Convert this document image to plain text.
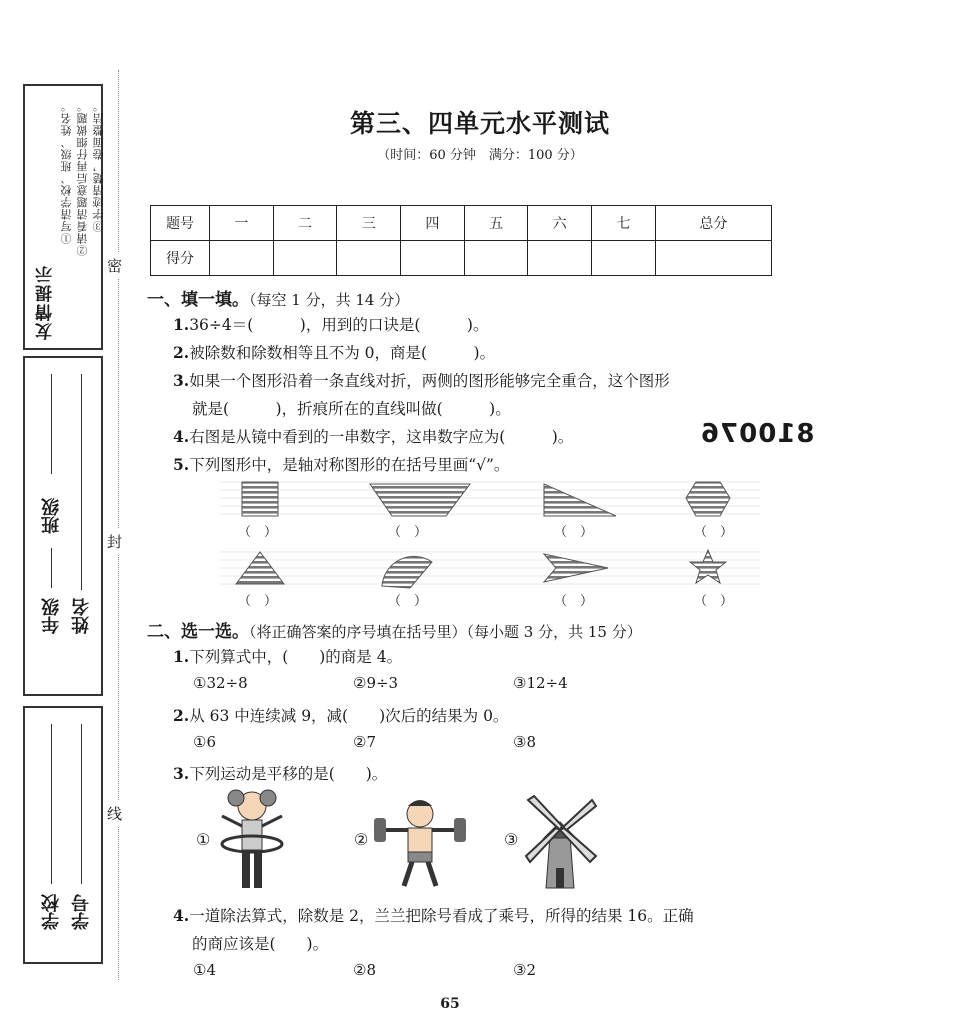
友情提示
①写清学校、班级、姓名。 ②请看清题意后再仔细做题。 ③字迹清楚，卷面整洁。
班级
年级 姓名
学校 学号
密
封
线
第三、四单元水平测试
（时间：60 分钟　满分：100 分）
题号	一	二	三	四	五	六	七	总分
得分								
一、填一填。（每空 1 分，共 14 分）
1.36÷4＝(　　　)，用到的口诀是(　　　)。
2.被除数和除数相等且不为 0，商是(　　　)。
3.如果一个图形沿着一条直线对折，两侧的图形能够完全重合，这个图形
就是(　　　)，折痕所在的直线叫做(　　　)。
4.右图是从镜中看到的一串数字，这串数字应为(　　　)。	810076
5.下列图形中，是轴对称图形的在括号里画“√”。
（　）	（　）	（　）	（　）
（　）	（　）	（　）	（　）
二、选一选。（将正确答案的序号填在括号里）（每小题 3 分，共 15 分）
1.下列算式中，(　　)的商是 4。
①32÷8	②9÷3	③12÷4
2.从 63 中连续减 9，减(　　)次后的结果为 0。
①6	②7	③8
3.下列运动是平移的是(　　)。
①	②	③
4.一道除法算式，除数是 2，兰兰把除号看成了乘号，所得的结果 16。正确
的商应该是(　　)。
①4	②8	③2
65
